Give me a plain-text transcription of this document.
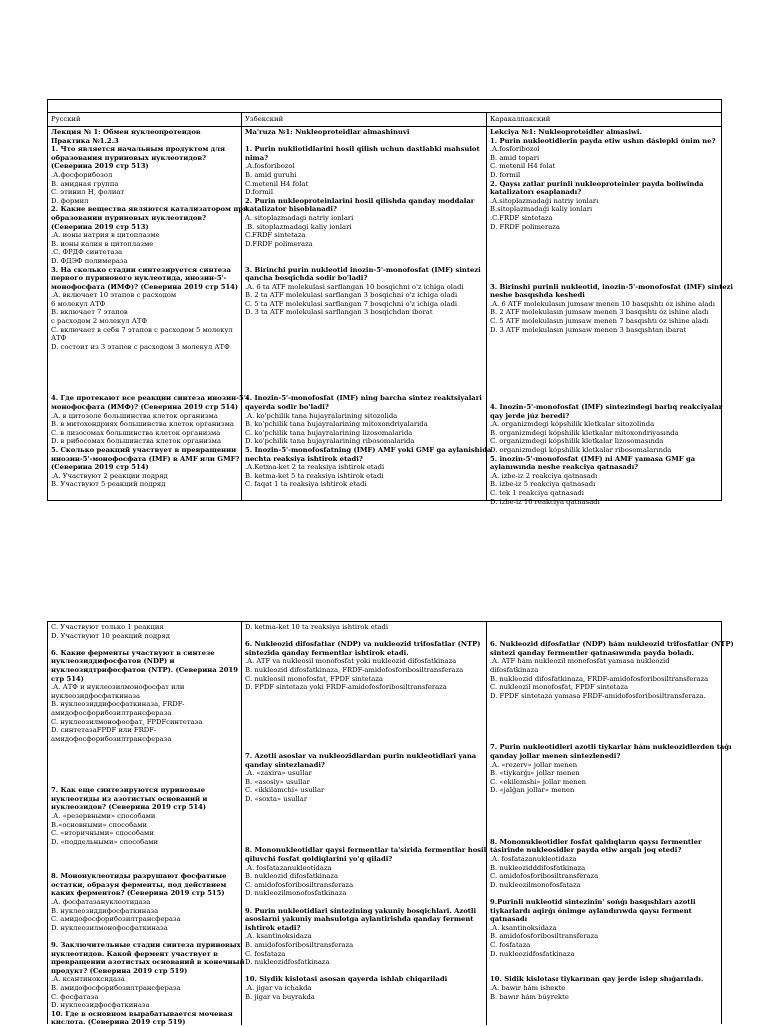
Русский	Узбекский	Каракалпакский
Лекция № 1: Обмен нуклеопротеидов
Практика №1.2.3
1. Что является начальным продуктом для
образования пуриновых нуклеотидов?
(Северина 2019 стр 513)
.А.фосфорибозол
B. амидная группа
C. этинил H, фолиат
D. формил
2. Какие вещества являются катализатором при
образовании пуриновых нуклеотидов?
(Северина 2019 стр 513)
.А. ионы натрия в цитоплазме
B. ионы калия в цитоплазме
.C. ФРДФ синтетаза
D. ФДЭФ полимераза
3. На сколько стадии синтезируется синтеза
первого пуринового нуклеотида, инозин-5'-
монофосфата (ИМФ)? (Северина 2019 стр 514)
.А. включает 10 этапов с расходом
6 молекул АТФ
B. включает 7 этапов
с расходом 2 молекул АТФ
C. включает в себя 7 этапов с расходом 5 молекул
АТФ
D. состоит из 3 этапов с расходом 3 молекул АТФ
4. Где протекают все реакции синтеза инозин-5'-
монофосфата (ИМФ)? (Северина 2019 стр 514)
.А. в цитозоле большинства клеток организма
B. в митохондриях большинства клеток организма
C. в лизосомах большинства клеток организма
D. в рибосомах большинства клеток организма
5. Сколько реакций участвует в превращении
инозин-5'-монофосфата (IMF) в AMF или GMF?
(Северина 2019 стр 514)
.А. Участвуют 2 реакции подряд
B. Участвуют 5 реакций подряд
Ma'ruza №1: Nukleoproteidlar almashinuvi
1. Purin nukliotidlarini hosil qilish uchun dastlabki mahsulot
nima?
.A.fosforibozol
B. amid guruhi
C.metenil H4 folat
D.formil
2. Purin nukleoproteinlarini hosil qilishda qanday moddalar
katalizator hisoblanadi?
A. sitoplazmadagi natriy ionlari
.B. sitoplazmadagi kaliy ionlari
C.FRDF sintetaza
D.FRDF polimeraza
3. Birinchi purin nukleotid inozin-5'-monofosfat (IMF) sintezi
qancha bosqichda sodir bo'ladi?
.A. 6 ta ATF molekulasi sarflangan 10 bosqichni o'z ichiga oladi
B. 2 ta ATF molekulasi sarflangan 3 bosqichni o'z ichiga oladi
C. 5 ta ATF molekulasi sarflangan 7 bosqichni o'z ichiga oladi
D. 3 ta ATF molekulasi sarflangan 3 bosqichdan iborat
4. Inozin-5'-monofosfat (IMF) ning barcha sintez reaktsiyalari
qayerda sodir bo'ladi?
.A. ko'pchilik tana hujayralarining sitozolida
B. ko'pchilik tana hujayralarining mitoxondriyalarida
C. ko'pchilik tana hujayralarining lizosomalarida
D. ko'pchilik tana hujayralarining ribosomalarida
5. Inozin-5'-monofosfatning (IMF) AMF yoki GMF ga aylanishida
nechta reaksiya ishtirok etadi?
.A.Ketma-ket 2 ta reaksiya ishtirok etadi
B. ketma-ket 5 ta reaksiya ishtirok etadi
C. faqat 1 ta reaksiya ishtirok etadi
Lekciya №1: Nukleoproteidler almasiwi.
1. Purin nukleotidlerin payda etiw ushın dáslepki ónim ne?
.A.fosforibozol
B. amid topari
C. metenil H4 folat
D. formil
2. Qaysı zatlar purinli nukleoproteinler payda boliwinda
katalizatorı esaplanadı?
.A.sitoplazmadaǵi natriy ionları
B.sitoplazmadaǵi kaliy ionları
.C.FRDF sintetaza
D. FRDF polimeraza
3. Birinshi purinli nukleotid, inozin-5'-monofosfat (IMF) sintezi
neshe basqıshda keshedi
.A. 6 ATF molekulasın jumsaw menen 10 basqıshtı óz ishine aladı
B. 2 ATF molekulasın jumsaw menen 3 basqıshtı óz ishine aladı
C. 5 ATF molekulasın jumsaw menen 7 basqıshtı óz ishine aladı
D. 3 ATF molekulasın jumsaw menen 3 basqıshtan ibarat
4. Inozin-5'-monofosfat (IMF) sintezindegi barlıq reakciyalar
qay jerde júz beredi?
.A. organizmdegi kópshilik kletkalar sitozolinda
B. organizmdegi kópshilik kletkalar mitoxondriyasında
C. organizmdegi kópshilik kletkalar lizosomasında
D. organizmdegi kópshilik kletkalar ribosomalarında
5. inozin-5'-monofosfat (IMF) ni AMF yamasa GMF ga
aylanıwında neshe reakciya qatnasadı?
.A. izbe-iz 2 reakciya qatnasadı
B. izbe-iz 5 reakciya qatnasadı
C. tek 1 reakciya qatnasadı
D. izbe-iz 10 reakciya qatnasadı
C. Участвуют только 1 реакция
D. Участвуют 10 реакций подряд
6. Какие ферменты участвуют в синтезе
нуклеозиддифосфатов (NDP) и
нуклеозидтрифосфатов (NTP). (Северина 2019
стр 514)
.А. АТФ и нуклеозилмонофосфат или
нуклеозидфосфаткиназа
B. нуклеозиддифосфаткиназа, FRDF-
амидофосфорибозилтрансфераза
C. нуклеозилмонофосфат, FPDFсинтетаза
D. синтетазаFPDF или FRDF-
амидофосфорибозилтрансфераза
7. Как еще синтезируются пуриновые
нуклеотиды из азотистых оснований и
нуклеозидов? (Северина 2019 стр 514)
.А. «резервными» способами
B.«основными» способами
C. «вторичными» способами
D. «поддельными» способами
8. Мононуклеотиды разрушают фосфатные
остатки, образуя ферменты, под действием
каких ферментов? (Северина 2019 стр 515)
.А. фосфатазануклеотидаза
B. нуклеозиддифосфаткиназа
C. амидофосфорибозилтрансфераза
D. нуклеозилмонофосфаткиназа
9. Заключительные стадии синтеза пуриновых
нуклеотидов. Какой фермент участвует в
превращении азотистых оснований в конечный
продукт? (Северина 2019 стр 519)
.А. ксантиноксидаза
B. амидофосфорибозилтрансфераза
C. фосфатаза
D. нуклеозидфосфаткиназа
10. Где в основном вырабатывается мочевая
кислота. (Северина 2019 стр 519)
D. ketma-ket 10 ta reaksiya ishtirok etadi
6. Nukleozid difosfatlar (NDP) va nukleozid trifosfatlar (NTP)
sintezida qanday fermentlar ishtirok etadi.
.A. ATF va nukleosil monofosfat yoki nukleozid difosfatkinaza
B. nukleozid difosfatkinaza, FRDF-amidofosforibosiltransferaza
C. nukleosil monofosfat, FPDF sintetaza
D. FPDF sintetaza yoki FRDF-amidofosforibosiltransferaza
7. Azotli asoslar va nukleozidlardan purin nukleotidlari yana
qanday sintezlanadi?
.A. «zaxira» usullar
B. «asosiy» usullar
C. «ikkilamchi» usullar
D. «soxta» usullar
8. Mononukleotidlar qaysi fermentlar ta'sirida fermentlar hosil
qiluvchi fosfat qoldiqlarini yo'q qiladi?
.A. fosfatazanukleotidaza
B. nukleozid difosfatkinaza
C. amidofosforibosiltransferaza
D. nukleozilmonofosfatkinaza
9. Purin nukleotidlari sintezining yakuniy bosqichlari. Azotli
asoslarni yakuniy mahsulotga aylantirishda qanday ferment
ishtirok etadi?
.A. ksantinoksidaza
B. amidofosforibosiltransferaza
C. fosfataza
D. nukleozidfosfatkinaza
10. Siydik kislotasi asosan qayerda ishlab chiqariladi
.A. jigar va ichakda
B. jigar va buyrakda
6. Nukleozid difosfatlar (NDP) hám nukleozid trifosfatlar (NTP)
sintezi qanday fermentler qatnasıwında payda boladı.
.A. ATF hám nukleozil monofosfat yamasa nukleozid
difosfatkinaza
B. nukleozid difosfatkinaza, FRDF-amidofosforibosiltransferaza
C. nukleozil monofosfat, FPDF sintetaza
D. FPDF sintetaza yamasa FRDF-amidofosforibosiltransferaza.
7. Purin nukleotidleri azotli tiykarlar hám nukleozidlerden taǵı
qanday jollar menen sintezlenedi?
.A. «rezerv» jollar menen
B. «tiykarǵı» jollar menen
C. «ekilemshi» jollar menen
D. «jalǵan jollar» menen
8. Mononukleotidler fosfat qaldıqların qaysı fermentler
tásirinde nukleosidler payda etiw arqalı joq etedi?
.A. fosfatazanukleotidaza
B. nukleozidddifosfatkinaza
C. amidofosforibosiltransferaza
D. nukleozilmonofosfataza
9.Purinli nukleotid sintezinin' sońǵı basqıshları azotli
tiykarlardı aqirǵı ónimge aylandırıwda qaysı ferment
qatnasadı
.A. ksantinoksidaza
B. amidofosforibosiltransferaza
C. fosfataza
D. nukleozidfosfatkinaza
10. Sidik kislotası tiykarınan qay jerde islep shıǵarıladı.
.A. bawır hám isheкte
B. bawır hám búyrekte
